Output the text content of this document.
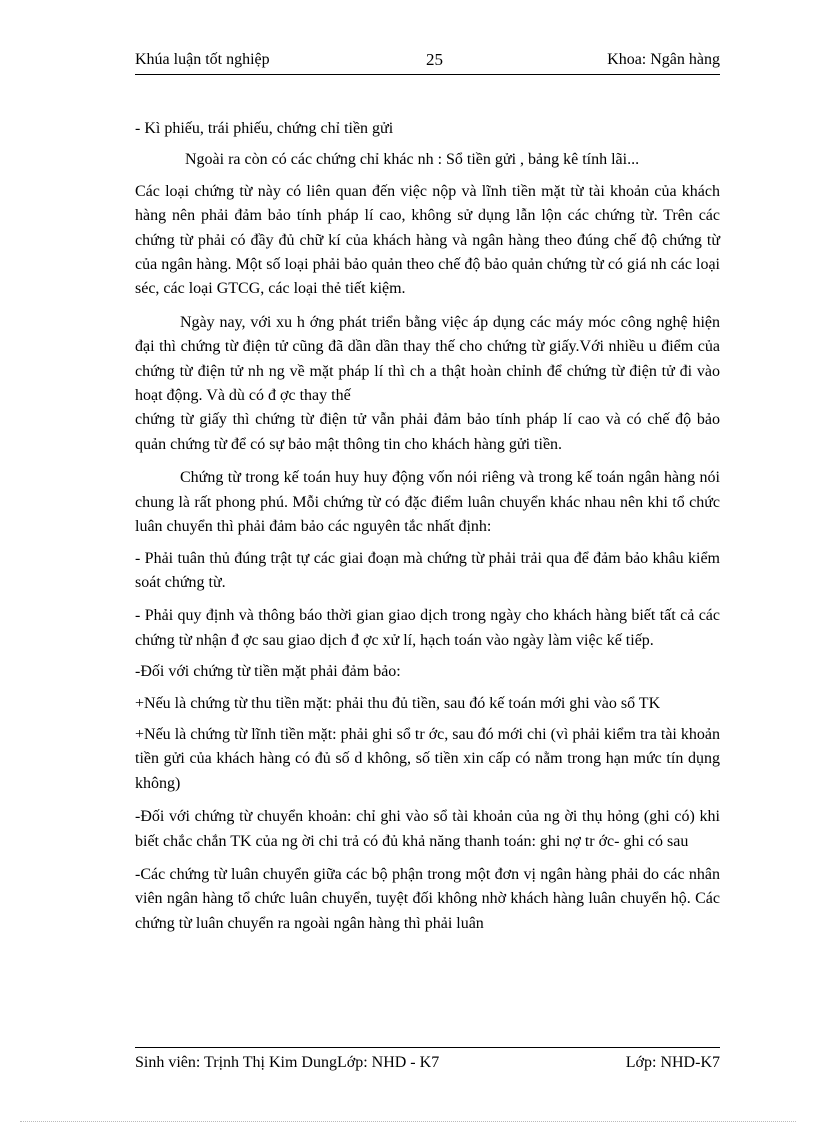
Khúa luận tốt nghiệp	25	Khoa: Ngân hàng

- Kì phiếu, trái phiếu, chứng chỉ tiền gửi

Ngoài ra còn có các chứng chỉ khác nh : Sổ tiền gửi , bảng kê tính lãi...

Các loại chứng từ này có liên quan đến việc nộp và lĩnh tiền mặt từ tài khoản của khách hàng nên phải đảm bảo tính pháp lí cao, không sử dụng lẫn lộn các chứng từ. Trên các chứng từ phải có đầy đủ chữ kí của khách hàng và ngân hàng theo đúng chế độ chứng từ của ngân hàng. Một số loại phải bảo quản theo chế độ bảo quản chứng từ có giá nh các loại séc, các loại GTCG, các loại thẻ tiết kiệm.

Ngày nay, với xu h ớng phát triển bằng việc áp dụng các máy móc công nghệ hiện đại thì chứng từ điện tử cũng đã dần dần thay thế cho chứng từ giấy.Với nhiều u điểm của chứng từ điện tử nh ng về mặt pháp lí thì ch a thật hoàn chỉnh để chứng từ điện tử đi vào hoạt động. Và dù có đ ợc thay thế

chứng từ giấy thì chứng từ điện tử vẫn phải đảm bảo tính pháp lí cao và có chế độ bảo quản chứng từ để có sự bảo mật thông tin cho khách hàng gửi tiền.

Chứng từ trong kế toán huy huy động vốn nói riêng và trong kế toán ngân hàng nói chung là rất phong phú. Mỗi chứng từ có đặc điểm luân chuyển khác nhau nên khi tổ chức luân chuyển thì phải đảm bảo các nguyên tắc nhất định:

- Phải tuân thủ đúng trật tự các giai đoạn mà chứng từ phải trải qua để đảm bảo khâu kiểm soát chứng từ.

- Phải quy định và thông báo thời gian giao dịch trong ngày cho khách hàng biết tất cả các chứng từ nhận đ ợc sau giao dịch đ ợc xử lí, hạch toán vào ngày làm việc kế tiếp.

-Đối với chứng từ tiền mặt phải đảm bảo:

+Nếu là chứng từ thu tiền mặt: phải thu đủ tiền, sau đó kế toán mới ghi vào sổ TK

+Nếu là chứng từ lĩnh tiền mặt: phải ghi sổ tr ớc, sau đó mới chi (vì phải kiểm tra tài khoản tiền gửi của khách hàng có đủ số d không, số tiền xin cấp có nằm trong hạn mức tín dụng không)

-Đối với chứng từ chuyển khoản: chỉ ghi vào sổ tài khoản của ng ời thụ hỏng (ghi có) khi biết chắc chắn TK của ng ời chi trả có đủ khả năng thanh toán: ghi nợ tr ớc- ghi có sau

-Các chứng từ luân chuyển giữa các bộ phận trong một đơn vị ngân hàng phải do các nhân viên ngân hàng tổ chức luân chuyển, tuyệt đối không nhờ khách hàng luân chuyển hộ. Các chứng từ luân chuyển ra ngoài ngân hàng thì phải luân

Sinh viên: Trịnh Thị Kim DungLớp: NHD - K7	Lớp: NHD-K7
